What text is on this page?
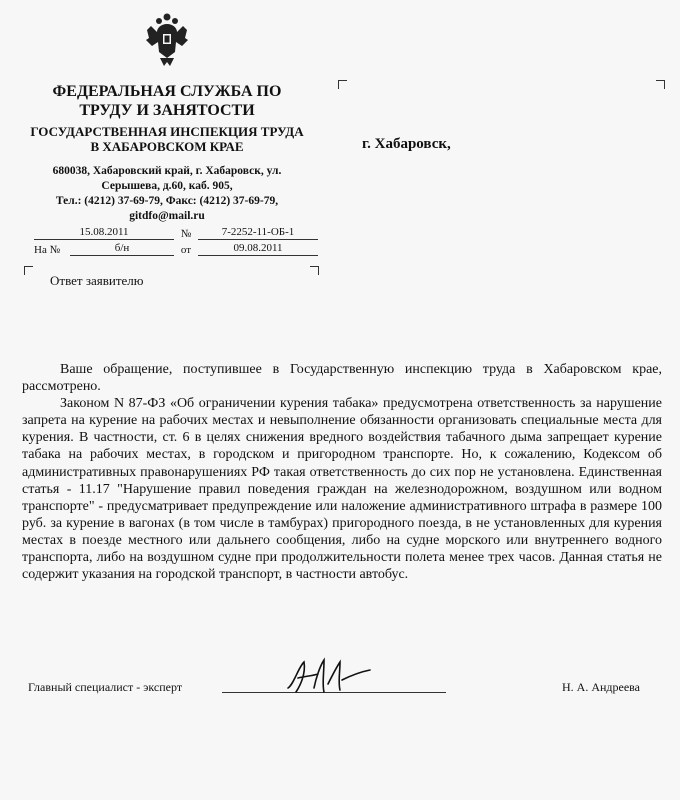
ФЕДЕРАЛЬНАЯ СЛУЖБА ПО
ТРУДУ И ЗАНЯТОСТИ
ГОСУДАРСТВЕННАЯ ИНСПЕКЦИЯ ТРУДА
В ХАБАРОВСКОМ КРАЕ
680038, Хабаровский край, г. Хабаровск, ул.
Серышева, д.60, каб. 905,
Тел.: (4212) 37-69-79, Факс: (4212) 37-69-79,
gitdfo@mail.ru
15.08.2011	№	7-2252-11-ОБ-1
На №	б/н	от	09.08.2011
Ответ заявителю
г. Хабаровск,

Ваше обращение, поступившее в Государственную инспекцию труда в Хабаровском крае, рассмотрено.

Законом N 87-ФЗ «Об ограничении курения табака» предусмотрена ответственность за нарушение запрета на курение на рабочих местах и невыполнение обязанности организовать специальные места для курения. В частности, ст. 6 в целях снижения вредного воздействия табачного дыма запрещает курение табака на рабочих местах, в городском и пригородном транспорте. Но, к сожалению, Кодексом об административных правонарушениях РФ такая ответственность до сих пор не установлена. Единственная статья - 11.17 "Нарушение правил поведения граждан на железнодорожном, воздушном или водном транспорте" - предусматривает предупреждение или наложение административного штрафа в размере 100 руб. за курение в вагонах (в том числе в тамбурах) пригородного поезда, в не установленных для курения местах в поезде местного или дальнего сообщения, либо на судне морского или внутреннего водного транспорта, либо на воздушном судне при продолжительности полета менее трех часов. Данная статья не содержит указания на городской транспорт, в частности автобус.

Главный специалист - эксперт	Н. А. Андреева
